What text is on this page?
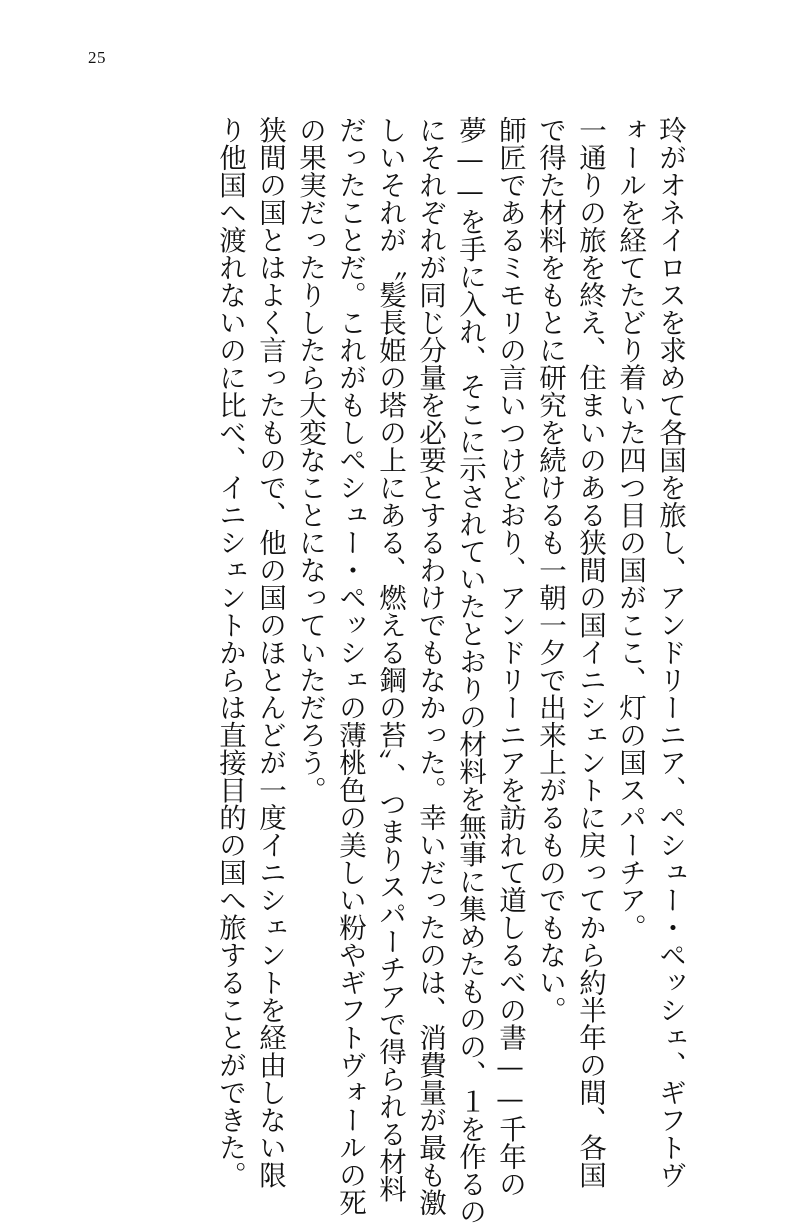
25
玲がオネイロスを求めて各国を旅し、アンドリーニア、ペシュー・ペッシェ、ギフトヴ
ォールを経てたどり着いた四つ目の国がここ、灯の国スパーチア。
一通りの旅を終え、住まいのある狭間の国イニシェントに戻ってから約半年の間、各国
で得た材料をもとに研究を続けるも一朝一夕で出来上がるものでもない。
師匠であるミモリの言いつけどおり、アンドリーニアを訪れて道しるべの書——千年の
夢——を手に入れ、そこに示されていたとおりの材料を無事に集めたものの、１を作るの
にそれぞれが同じ分量を必要とするわけでもなかった。幸いだったのは、消費量が最も激
しいそれが〝髪長姫の塔の上にある、燃える鋼の苔〟、つまりスパーチアで得られる材料
だったことだ。これがもしペシュー・ペッシェの薄桃色の美しい粉やギフトヴォールの死
の果実だったりしたら大変なことになっていただろう。
狭間の国とはよく言ったもので、他の国のほとんどが一度イニシェントを経由しない限
り他国へ渡れないのに比べ、イニシェントからは直接目的の国へ旅することができた。
